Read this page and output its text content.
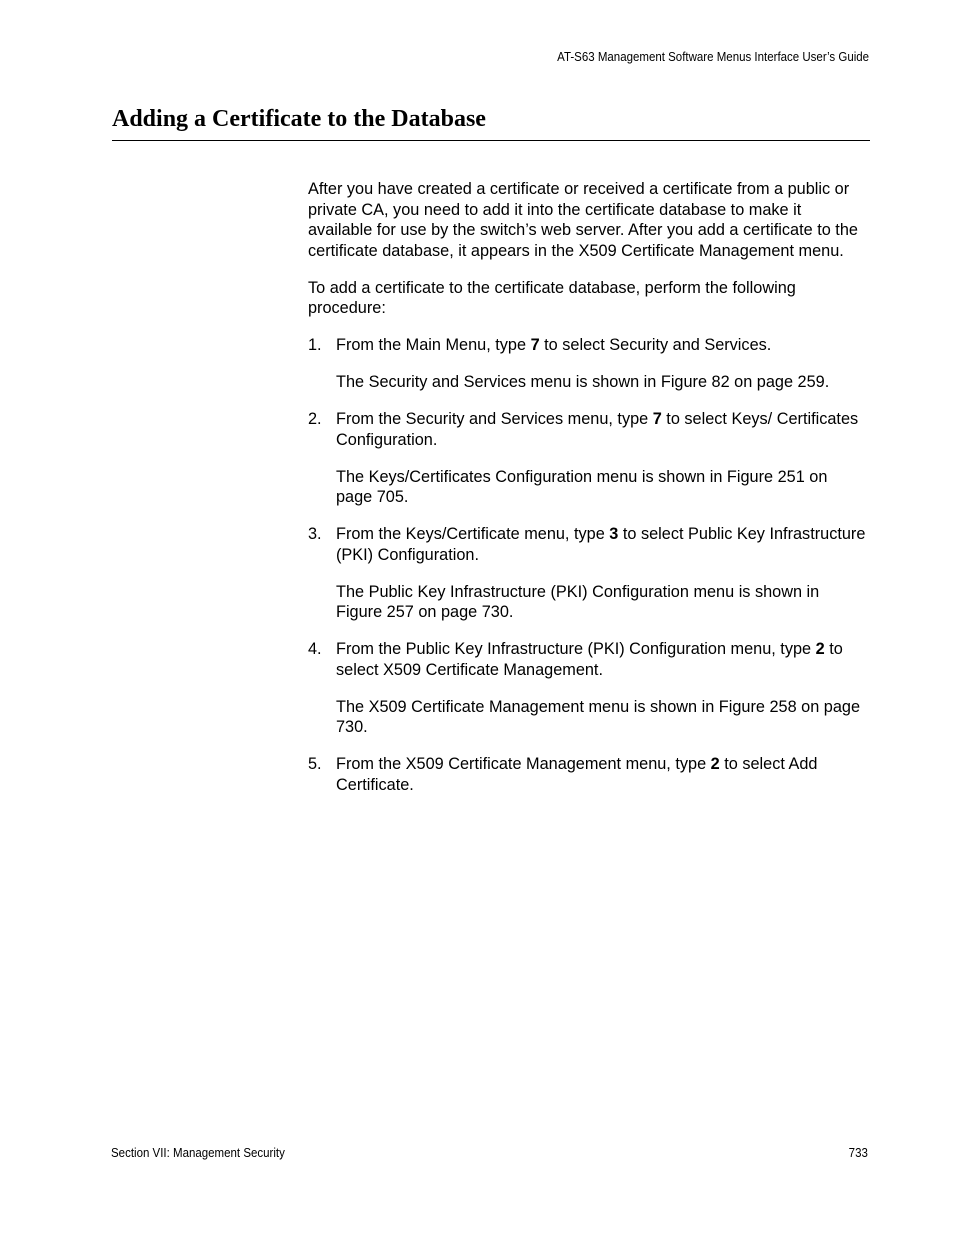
AT-S63 Management Software Menus Interface User’s Guide
Adding a Certificate to the Database

After you have created a certificate or received a certificate from a public or private CA, you need to add it into the certificate database to make it available for use by the switch’s web server. After you add a certificate to the certificate database, it appears in the X509 Certificate Management menu.

To add a certificate to the certificate database, perform the following procedure:

1. From the Main Menu, type 7 to select Security and Services.

The Security and Services menu is shown in Figure 82 on page 259.

2. From the Security and Services menu, type 7 to select Keys/ Certificates Configuration.

The Keys/Certificates Configuration menu is shown in Figure 251 on page 705.

3. From the Keys/Certificate menu, type 3 to select Public Key Infrastructure (PKI) Configuration.

The Public Key Infrastructure (PKI) Configuration menu is shown in Figure 257 on page 730.

4. From the Public Key Infrastructure (PKI) Configuration menu, type 2 to select X509 Certificate Management.

The X509 Certificate Management menu is shown in Figure 258 on page 730.

5. From the X509 Certificate Management menu, type 2 to select Add Certificate.

Section VII: Management Security	733
